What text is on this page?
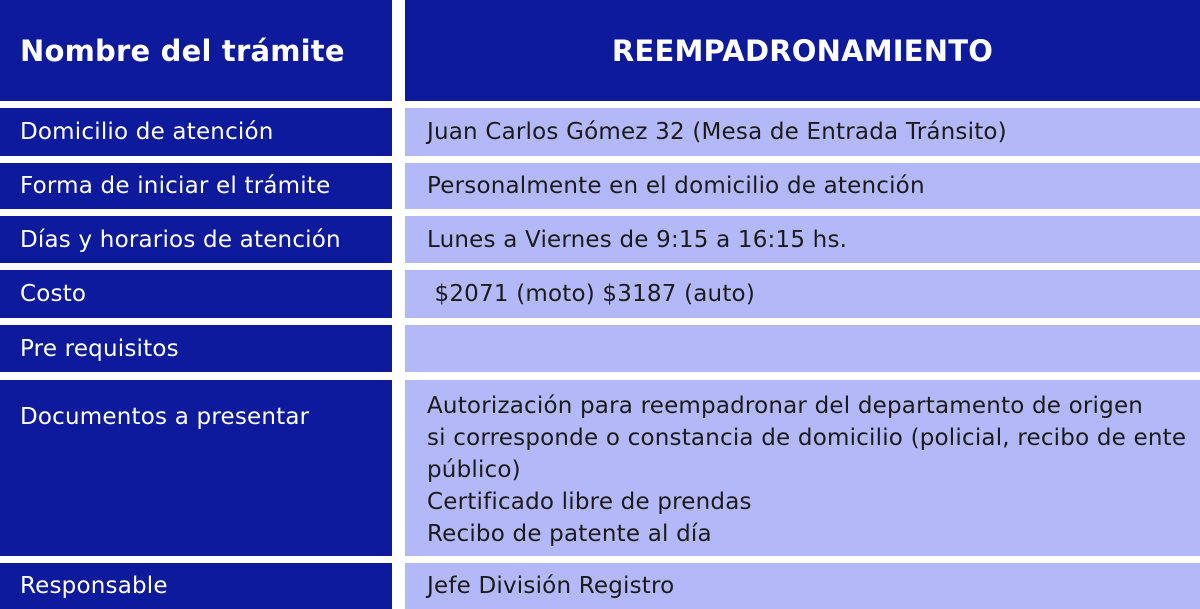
Nombre del trámite	REEMPADRONAMIENTO
Domicilio de atención	Juan Carlos Gómez 32 (Mesa de Entrada Tránsito)
Forma de iniciar el trámite	Personalmente en el domicilio de atención
Días y horarios de atención	Lunes a Viernes de 9:15 a 16:15 hs.
Costo	$2071 (moto) $3187 (auto)
Pre requisitos
Documentos a presentar	Autorización para reempadronar del departamento de origen
si corresponde o constancia de domicilio (policial, recibo de ente
público)
Certificado libre de prendas
Recibo de patente al día
Responsable	Jefe División Registro
